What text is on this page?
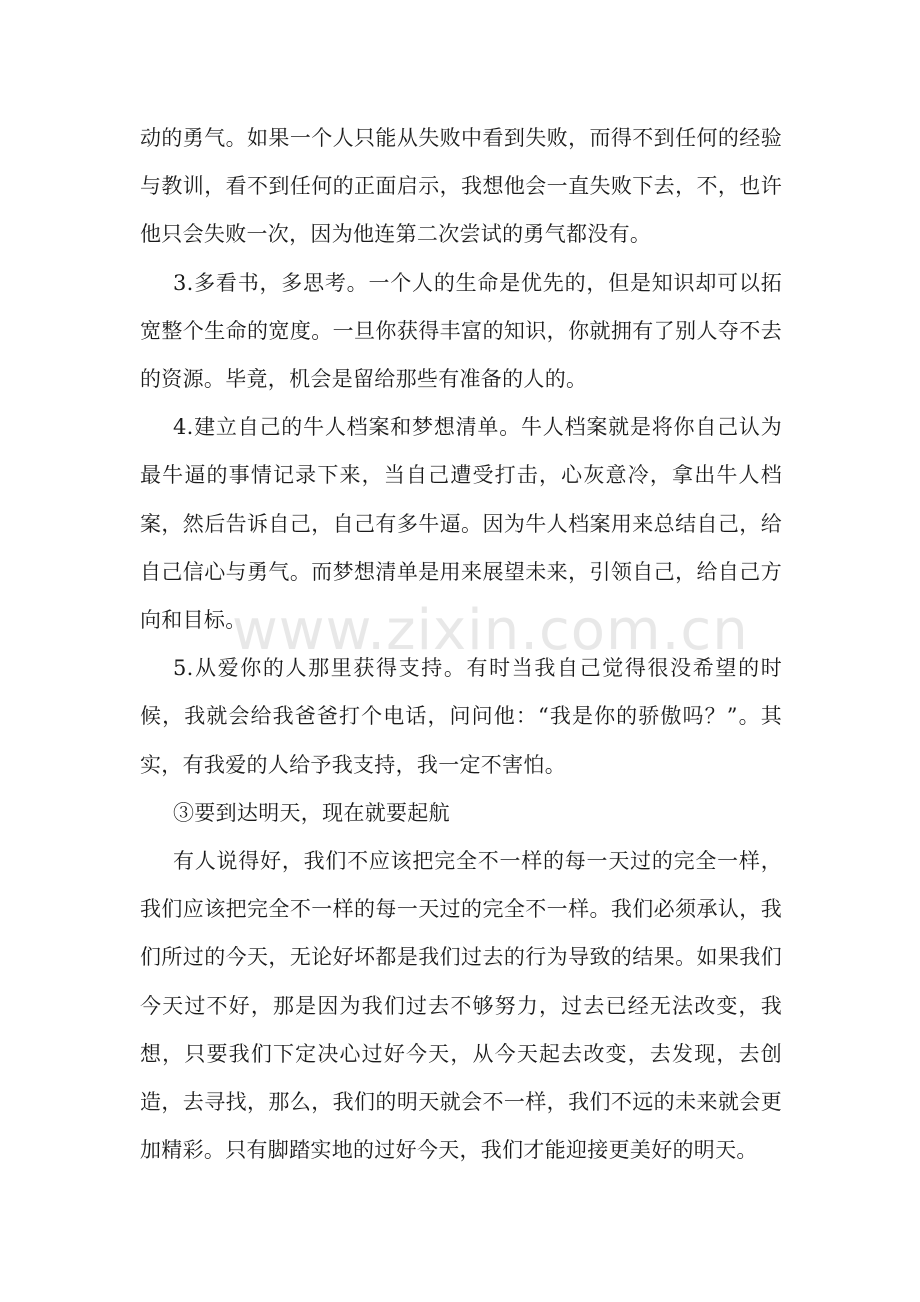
动的勇气。如果一个人只能从失败中看到失败，而得不到任何的经验与教训，看不到任何的正面启示，我想他会一直失败下去，不，也许他只会失败一次，因为他连第二次尝试的勇气都没有。

3.多看书，多思考。一个人的生命是优先的，但是知识却可以拓宽整个生命的宽度。一旦你获得丰富的知识，你就拥有了别人夺不去的资源。毕竟，机会是留给那些有准备的人的。

4.建立自己的牛人档案和梦想清单。牛人档案就是将你自己认为最牛逼的事情记录下来，当自己遭受打击，心灰意冷，拿出牛人档案，然后告诉自己，自己有多牛逼。因为牛人档案用来总结自己，给自己信心与勇气。而梦想清单是用来展望未来，引领自己，给自己方向和目标。

5.从爱你的人那里获得支持。有时当我自己觉得很没希望的时候，我就会给我爸爸打个电话，问问他：“我是你的骄傲吗？”。其实，有我爱的人给予我支持，我一定不害怕。

③要到达明天，现在就要起航

有人说得好，我们不应该把完全不一样的每一天过的完全一样，我们应该把完全不一样的每一天过的完全不一样。我们必须承认，我们所过的今天，无论好坏都是我们过去的行为导致的结果。如果我们今天过不好，那是因为我们过去不够努力，过去已经无法改变，我想，只要我们下定决心过好今天，从今天起去改变，去发现，去创造，去寻找，那么，我们的明天就会不一样，我们不远的未来就会更加精彩。只有脚踏实地的过好今天，我们才能迎接更美好的明天。

www.zixin.com.cn
